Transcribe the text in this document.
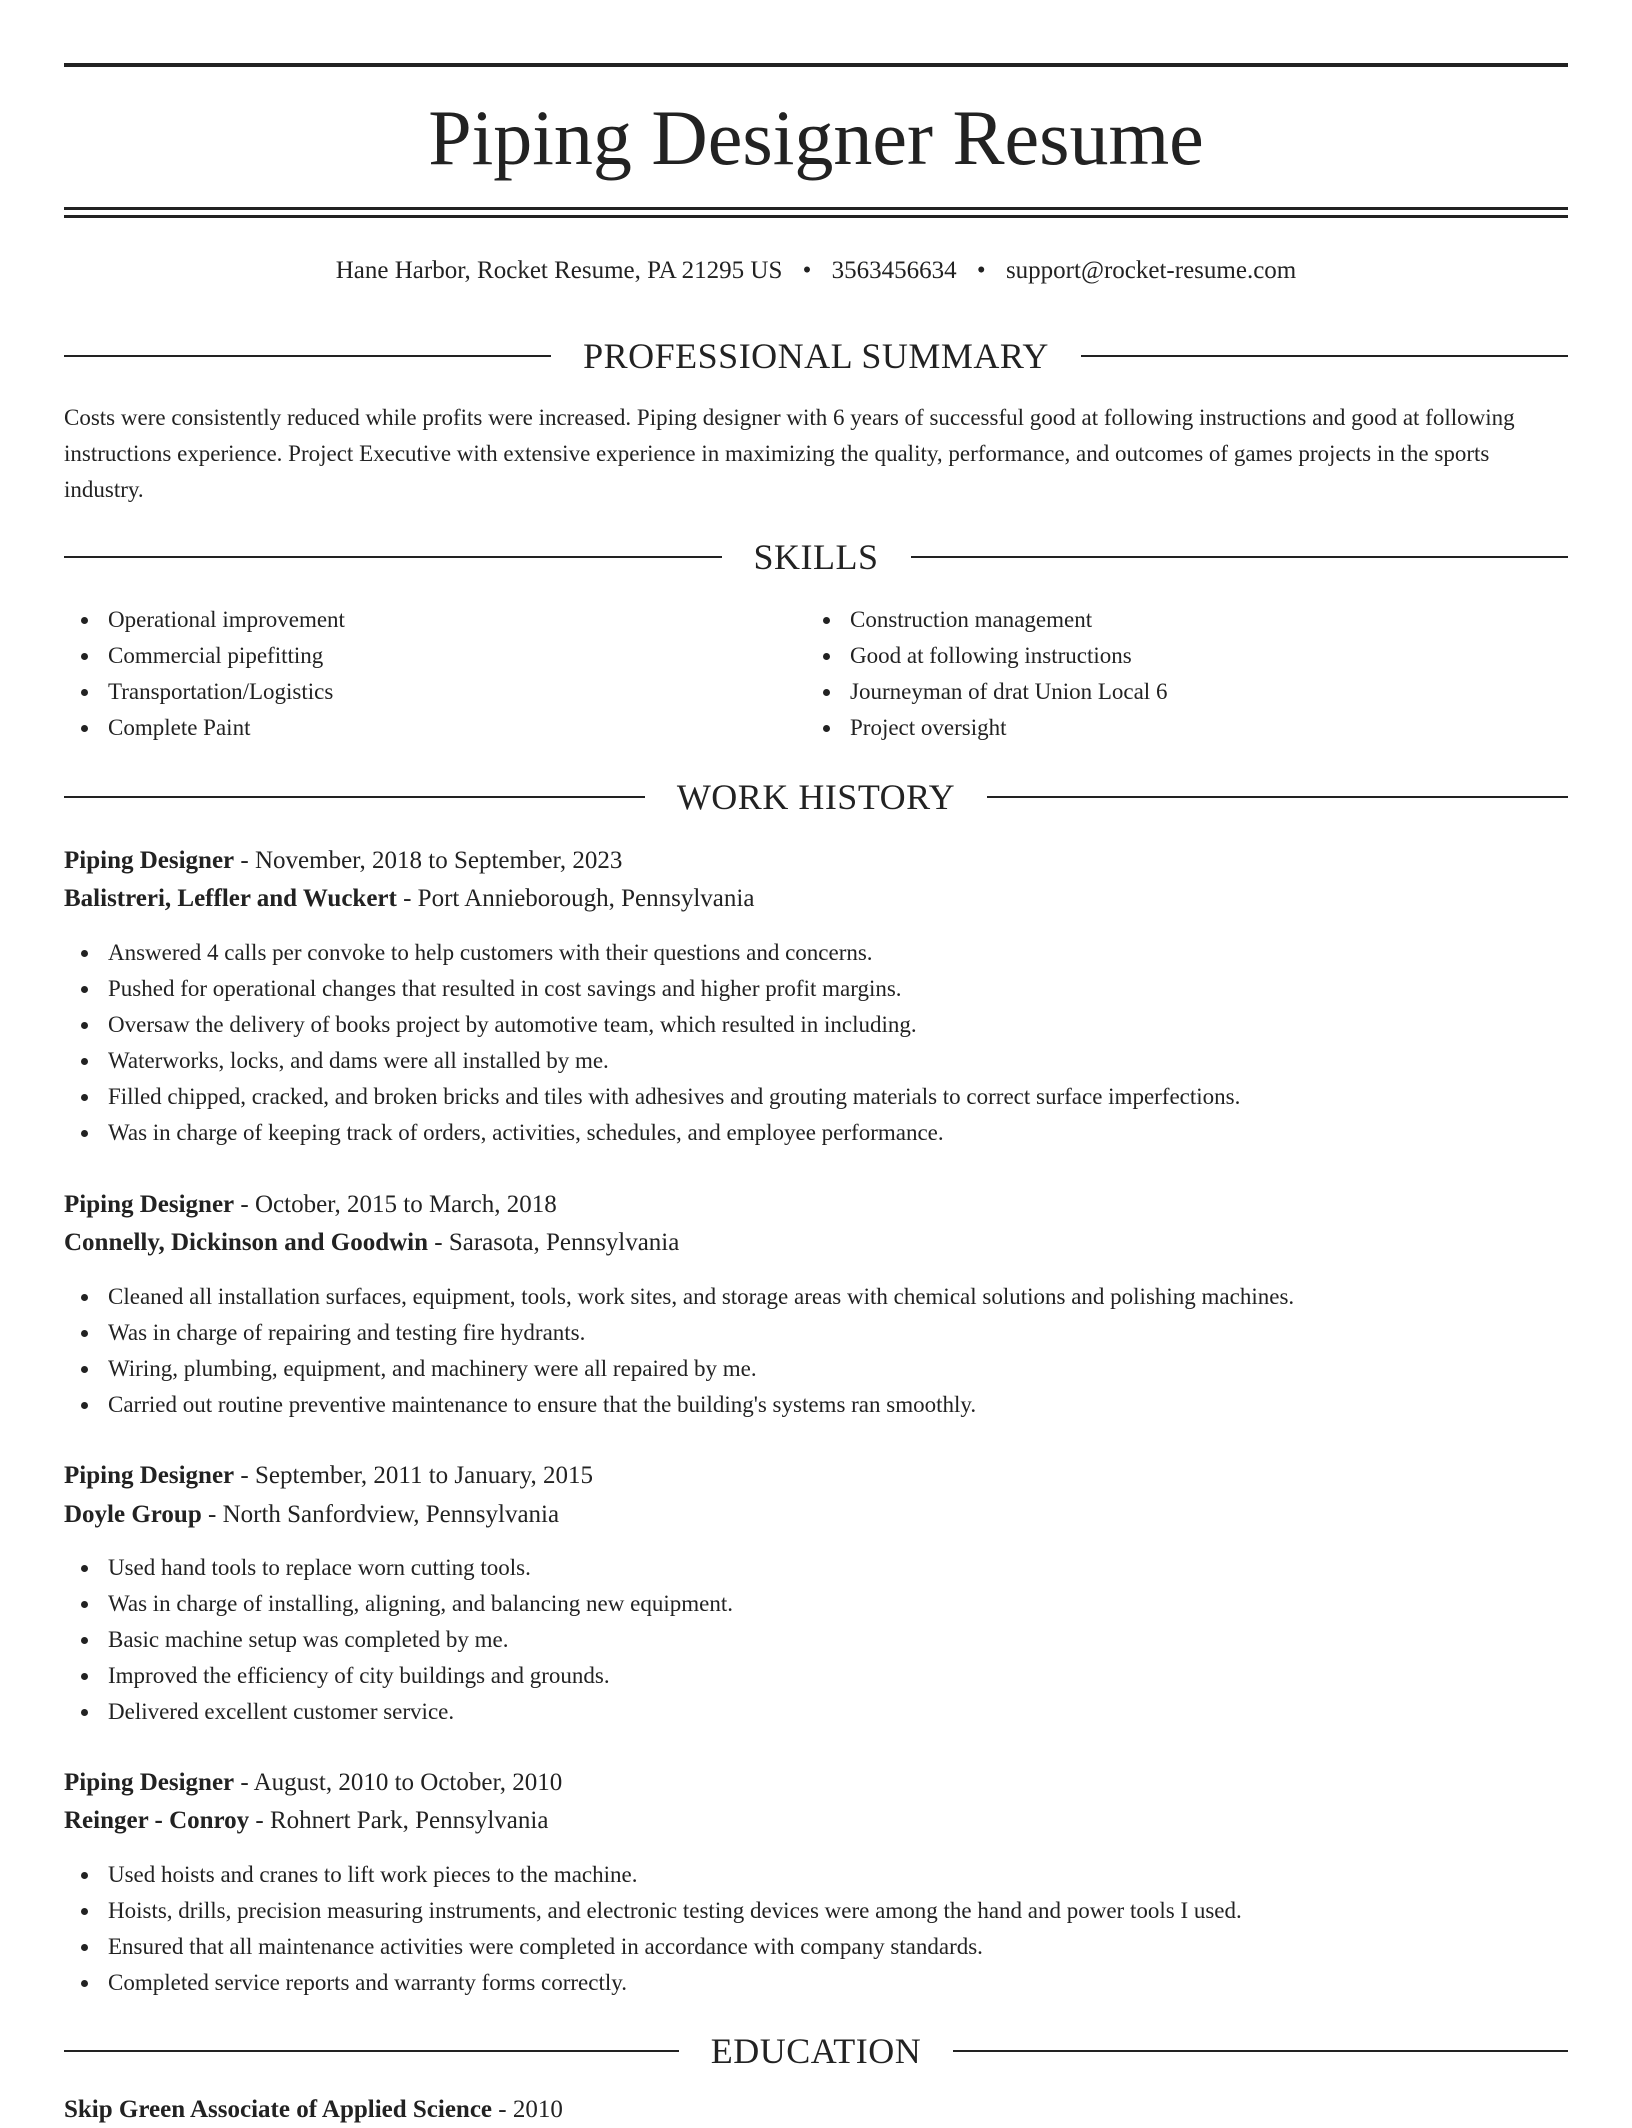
Piping Designer Resume
Hane Harbor, Rocket Resume, PA 21295 US • 3563456634 • support@rocket-resume.com
PROFESSIONAL SUMMARY

Costs were consistently reduced while profits were increased. Piping designer with 6 years of successful good at following instructions and good at following instructions experience. Project Executive with extensive experience in maximizing the quality, performance, and outcomes of games projects in the sports industry.

SKILLS
Operational improvement
Commercial pipefitting
Transportation/Logistics
Complete Paint
Construction management
Good at following instructions
Journeyman of drat Union Local 6
Project oversight
WORK HISTORY
Piping Designer - November, 2018 to September, 2023
Balistreri, Leffler and Wuckert - Port Annieborough, Pennsylvania
Answered 4 calls per convoke to help customers with their questions and concerns.
Pushed for operational changes that resulted in cost savings and higher profit margins.
Oversaw the delivery of books project by automotive team, which resulted in including.
Waterworks, locks, and dams were all installed by me.
Filled chipped, cracked, and broken bricks and tiles with adhesives and grouting materials to correct surface imperfections.
Was in charge of keeping track of orders, activities, schedules, and employee performance.
Piping Designer - October, 2015 to March, 2018
Connelly, Dickinson and Goodwin - Sarasota, Pennsylvania
Cleaned all installation surfaces, equipment, tools, work sites, and storage areas with chemical solutions and polishing machines.
Was in charge of repairing and testing fire hydrants.
Wiring, plumbing, equipment, and machinery were all repaired by me.
Carried out routine preventive maintenance to ensure that the building's systems ran smoothly.
Piping Designer - September, 2011 to January, 2015
Doyle Group - North Sanfordview, Pennsylvania
Used hand tools to replace worn cutting tools.
Was in charge of installing, aligning, and balancing new equipment.
Basic machine setup was completed by me.
Improved the efficiency of city buildings and grounds.
Delivered excellent customer service.
Piping Designer - August, 2010 to October, 2010
Reinger - Conroy - Rohnert Park, Pennsylvania
Used hoists and cranes to lift work pieces to the machine.
Hoists, drills, precision measuring instruments, and electronic testing devices were among the hand and power tools I used.
Ensured that all maintenance activities were completed in accordance with company standards.
Completed service reports and warranty forms correctly.
EDUCATION
Skip Green Associate of Applied Science - 2010
